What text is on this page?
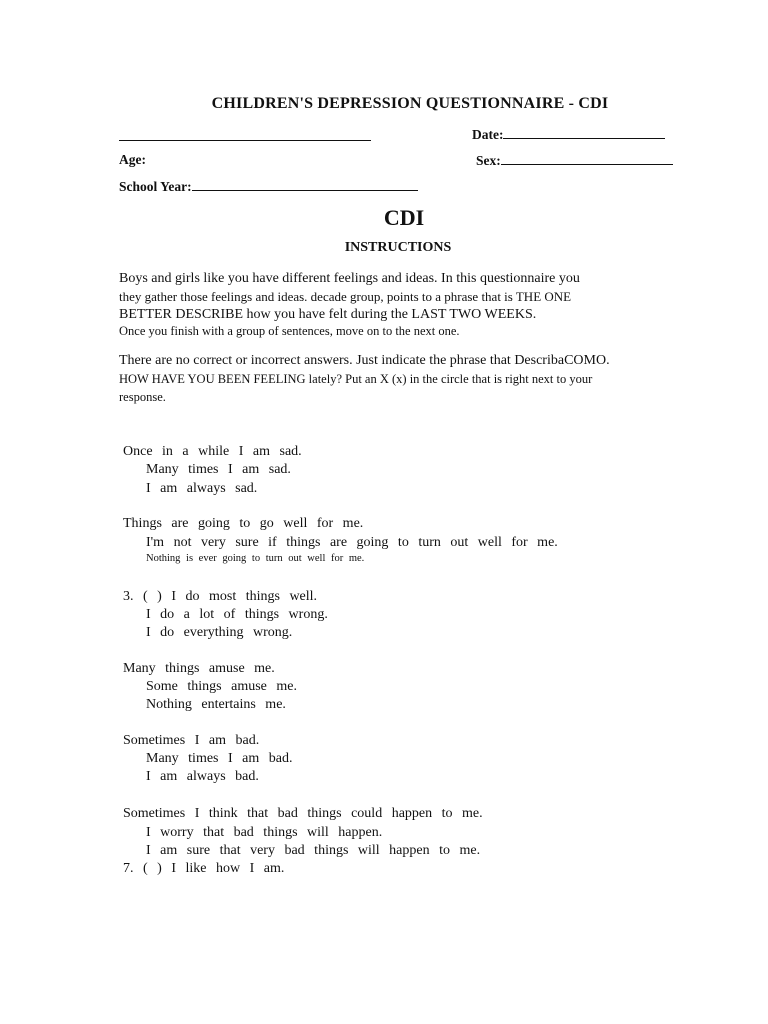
CHILDREN'S DEPRESSION QUESTIONNAIRE - CDI
Date:
Age:	Sex:
School Year:
CDI
INSTRUCTIONS
Boys and girls like you have different feelings and ideas. In this questionnaire you
they gather those feelings and ideas. decade group, points to a phrase that is THE ONE
BETTER DESCRIBE how you have felt during the LAST TWO WEEKS.
Once you finish with a group of sentences, move on to the next one.
There are no correct or incorrect answers. Just indicate the phrase that DescribaCOMO.
HOW HAVE YOU BEEN FEELING lately? Put an X (x) in the circle that is right next to your
response.
Once in a while I am sad.
Many times I am sad.
I am always sad.
Things are going to go well for me.
I'm not very sure if things are going to turn out well for me.
Nothing is ever going to turn out well for me.
3. ( ) I do most things well.
I do a lot of things wrong.
I do everything wrong.
Many things amuse me.
Some things amuse me.
Nothing entertains me.
Sometimes I am bad.
Many times I am bad.
I am always bad.
Sometimes I think that bad things could happen to me.
I worry that bad things will happen.
I am sure that very bad things will happen to me.
7. ( ) I like how I am.
